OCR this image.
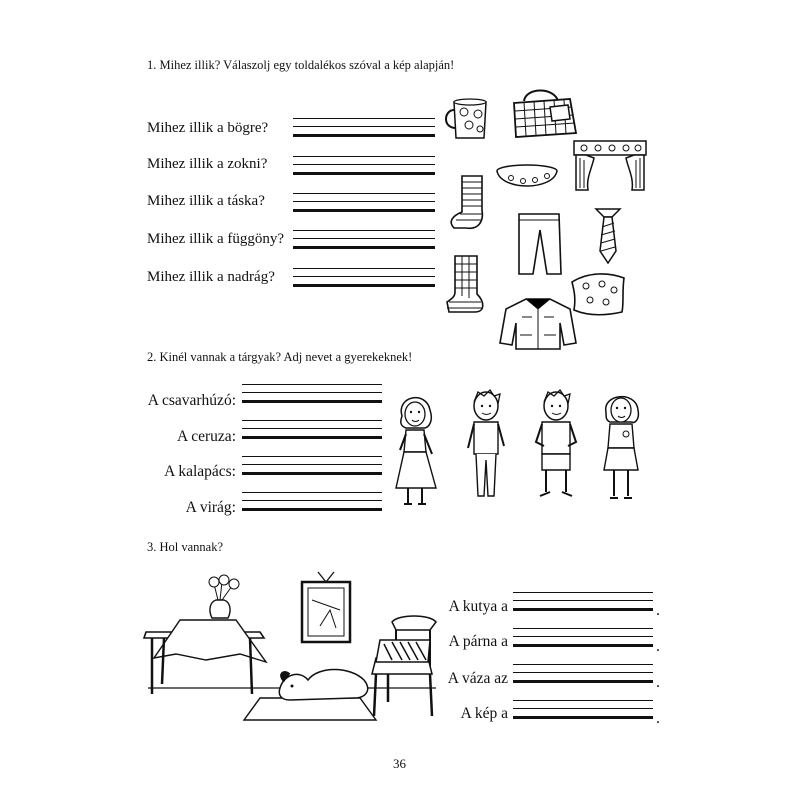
1. Mihez illik? Válaszolj egy toldalékos szóval a kép alapján!
Mihez illik a bögre?
Mihez illik a zokni?
Mihez illik a táska?
Mihez illik a függöny?
Mihez illik a nadrág?
2. Kinél vannak a tárgyak? Adj nevet a gyerekeknek!
A csavarhúzó:
A ceruza:
A kalapács:
A virág:
3. Hol vannak?
A kutya a
A párna a
A váza az
A kép a
.
.
.
.
36
